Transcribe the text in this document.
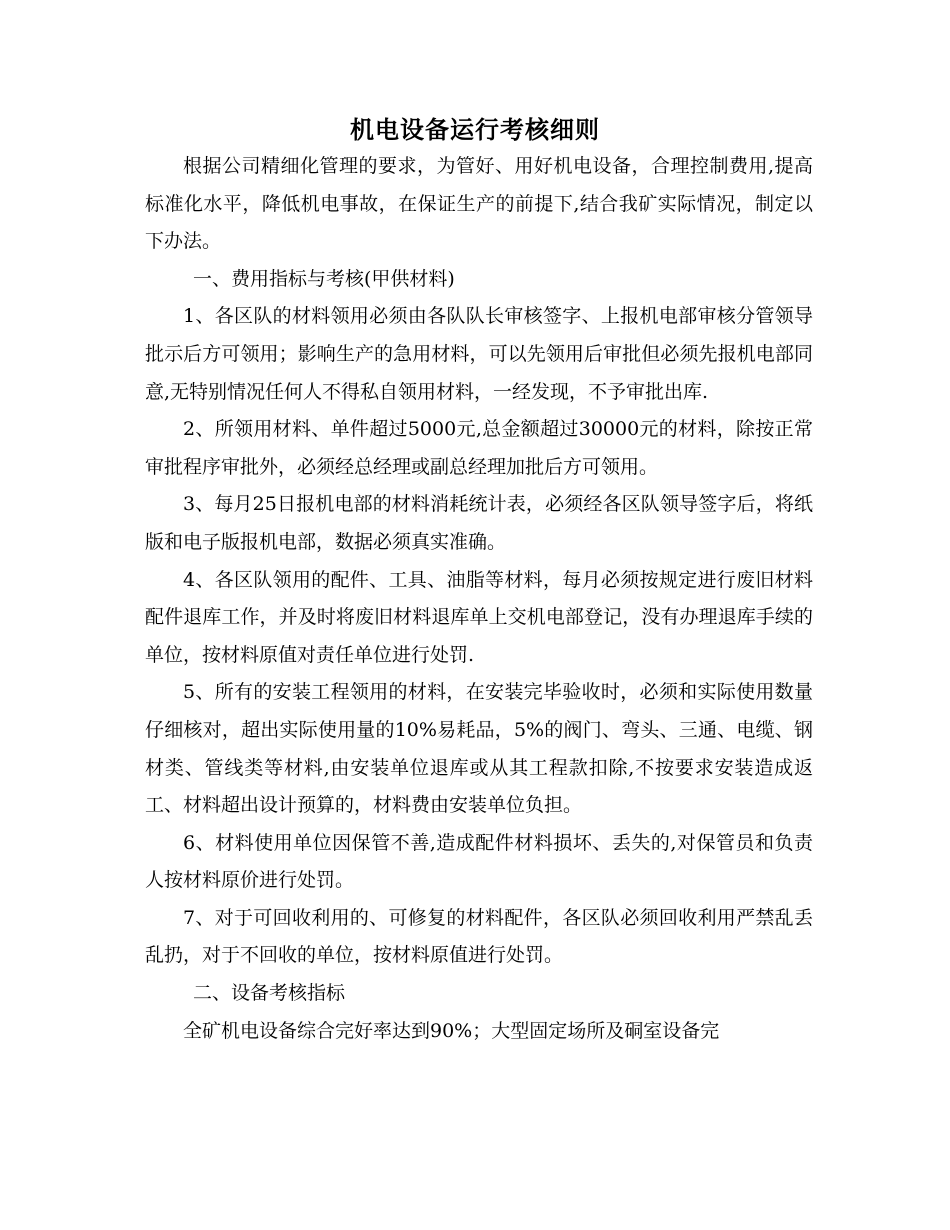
机电设备运行考核细则

根据公司精细化管理的要求，为管好、用好机电设备，合理控制费用,提高标准化水平，降低机电事故，在保证生产的前提下,结合我矿实际情况，制定以下办法。

一、费用指标与考核(甲供材料)

1、各区队的材料领用必须由各队队长审核签字、上报机电部审核分管领导批示后方可领用；影响生产的急用材料，可以先领用后审批但必须先报机电部同意,无特别情况任何人不得私自领用材料，一经发现，不予审批出库.

2、所领用材料、单件超过5000元,总金额超过30000元的材料，除按正常审批程序审批外，必须经总经理或副总经理加批后方可领用。

3、每月25日报机电部的材料消耗统计表，必须经各区队领导签字后，将纸版和电子版报机电部，数据必须真实准确。

4、各区队领用的配件、工具、油脂等材料，每月必须按规定进行废旧材料配件退库工作，并及时将废旧材料退库单上交机电部登记，没有办理退库手续的单位，按材料原值对责任单位进行处罚.

5、所有的安装工程领用的材料，在安装完毕验收时，必须和实际使用数量仔细核对，超出实际使用量的10%易耗品，5%的阀门、弯头、三通、电缆、钢材类、管线类等材料,由安装单位退库或从其工程款扣除,不按要求安装造成返工、材料超出设计预算的，材料费由安装单位负担。

6、材料使用单位因保管不善,造成配件材料损坏、丢失的,对保管员和负责人按材料原价进行处罚。

7、对于可回收利用的、可修复的材料配件，各区队必须回收利用严禁乱丢乱扔，对于不回收的单位，按材料原值进行处罚。

二、设备考核指标

全矿机电设备综合完好率达到90%；大型固定场所及硐室设备完
